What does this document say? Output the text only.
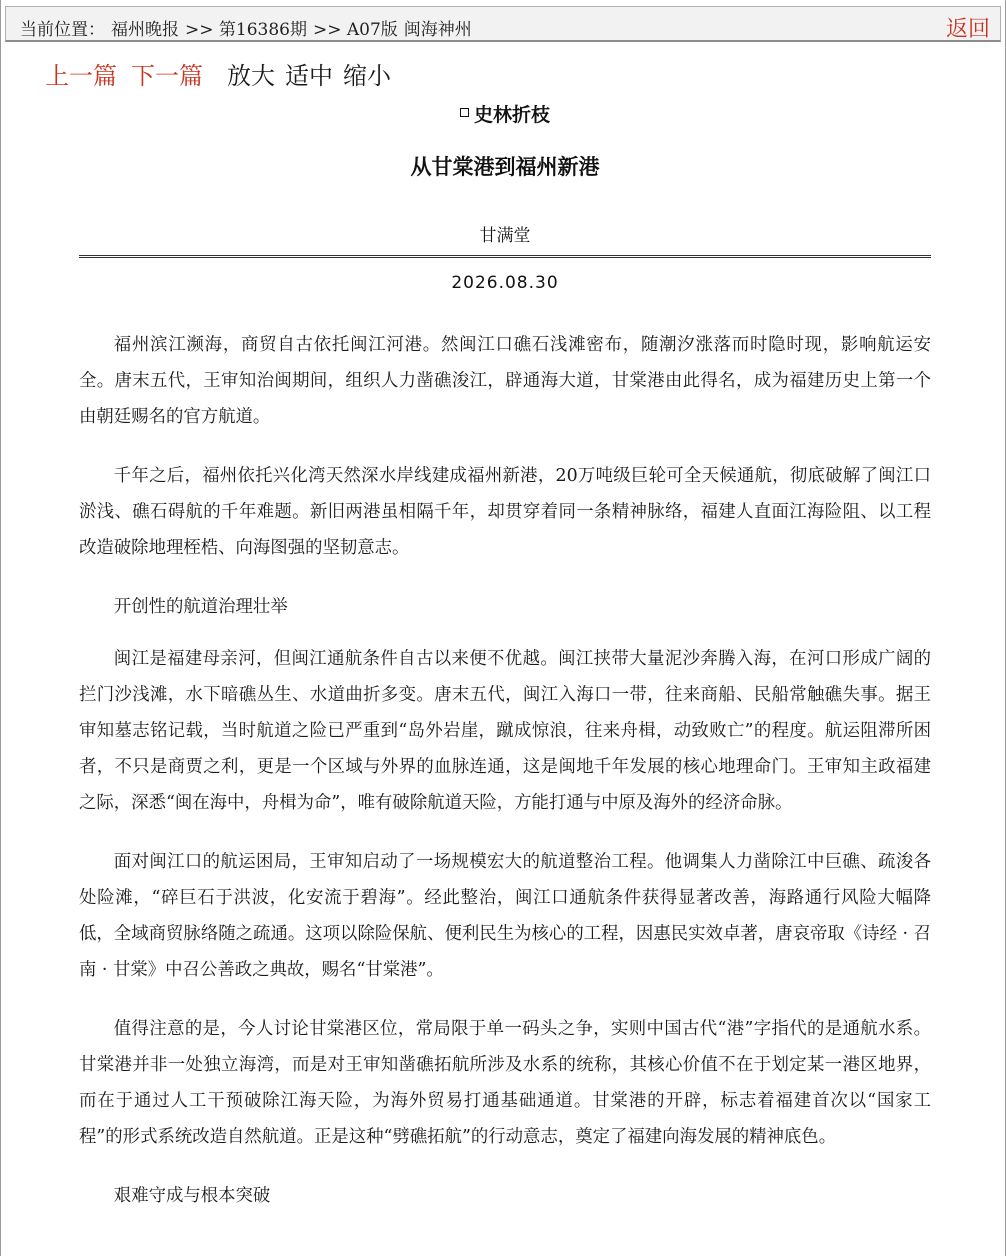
当前位置： 福州晚报 >> 第16386期 >> A07版 闽海神州	返回
上一篇 下一篇 放大 适中 缩小
史林折枝
从甘棠港到福州新港
甘满堂
2026.08.30

福州滨江濒海，商贸自古依托闽江河港。然闽江口礁石浅滩密布，随潮汐涨落而时隐时现，影响航运安全。唐末五代，王审知治闽期间，组织人力凿礁浚江，辟通海大道，甘棠港由此得名，成为福建历史上第一个由朝廷赐名的官方航道。

千年之后，福州依托兴化湾天然深水岸线建成福州新港，20万吨级巨轮可全天候通航，彻底破解了闽江口淤浅、礁石碍航的千年难题。新旧两港虽相隔千年，却贯穿着同一条精神脉络，福建人直面江海险阻、以工程改造破除地理桎梏、向海图强的坚韧意志。

开创性的航道治理壮举

闽江是福建母亲河，但闽江通航条件自古以来便不优越。闽江挟带大量泥沙奔腾入海，在河口形成广阔的拦门沙浅滩，水下暗礁丛生、水道曲折多变。唐末五代，闽江入海口一带，往来商船、民船常触礁失事。据王审知墓志铭记载，当时航道之险已严重到“岛外岩崖，蹴成惊浪，往来舟楫，动致败亡”的程度。航运阻滞所困者，不只是商贾之利，更是一个区域与外界的血脉连通，这是闽地千年发展的核心地理命门。王审知主政福建之际，深悉“闽在海中，舟楫为命”，唯有破除航道天险，方能打通与中原及海外的经济命脉。

面对闽江口的航运困局，王审知启动了一场规模宏大的航道整治工程。他调集人力凿除江中巨礁、疏浚各处险滩，“碎巨石于洪波，化安流于碧海”。经此整治，闽江口通航条件获得显著改善，海路通行风险大幅降低，全域商贸脉络随之疏通。这项以除险保航、便利民生为核心的工程，因惠民实效卓著，唐哀帝取《诗经 · 召南 · 甘棠》中召公善政之典故，赐名“甘棠港”。

值得注意的是，今人讨论甘棠港区位，常局限于单一码头之争，实则中国古代“港”字指代的是通航水系。甘棠港并非一处独立海湾，而是对王审知凿礁拓航所涉及水系的统称，其核心价值不在于划定某一港区地界，而在于通过人工干预破除江海天险，为海外贸易打通基础通道。甘棠港的开辟，标志着福建首次以“国家工程”的形式系统改造自然航道。正是这种“劈礁拓航”的行动意志，奠定了福建向海发展的精神底色。

艰难守成与根本突破
